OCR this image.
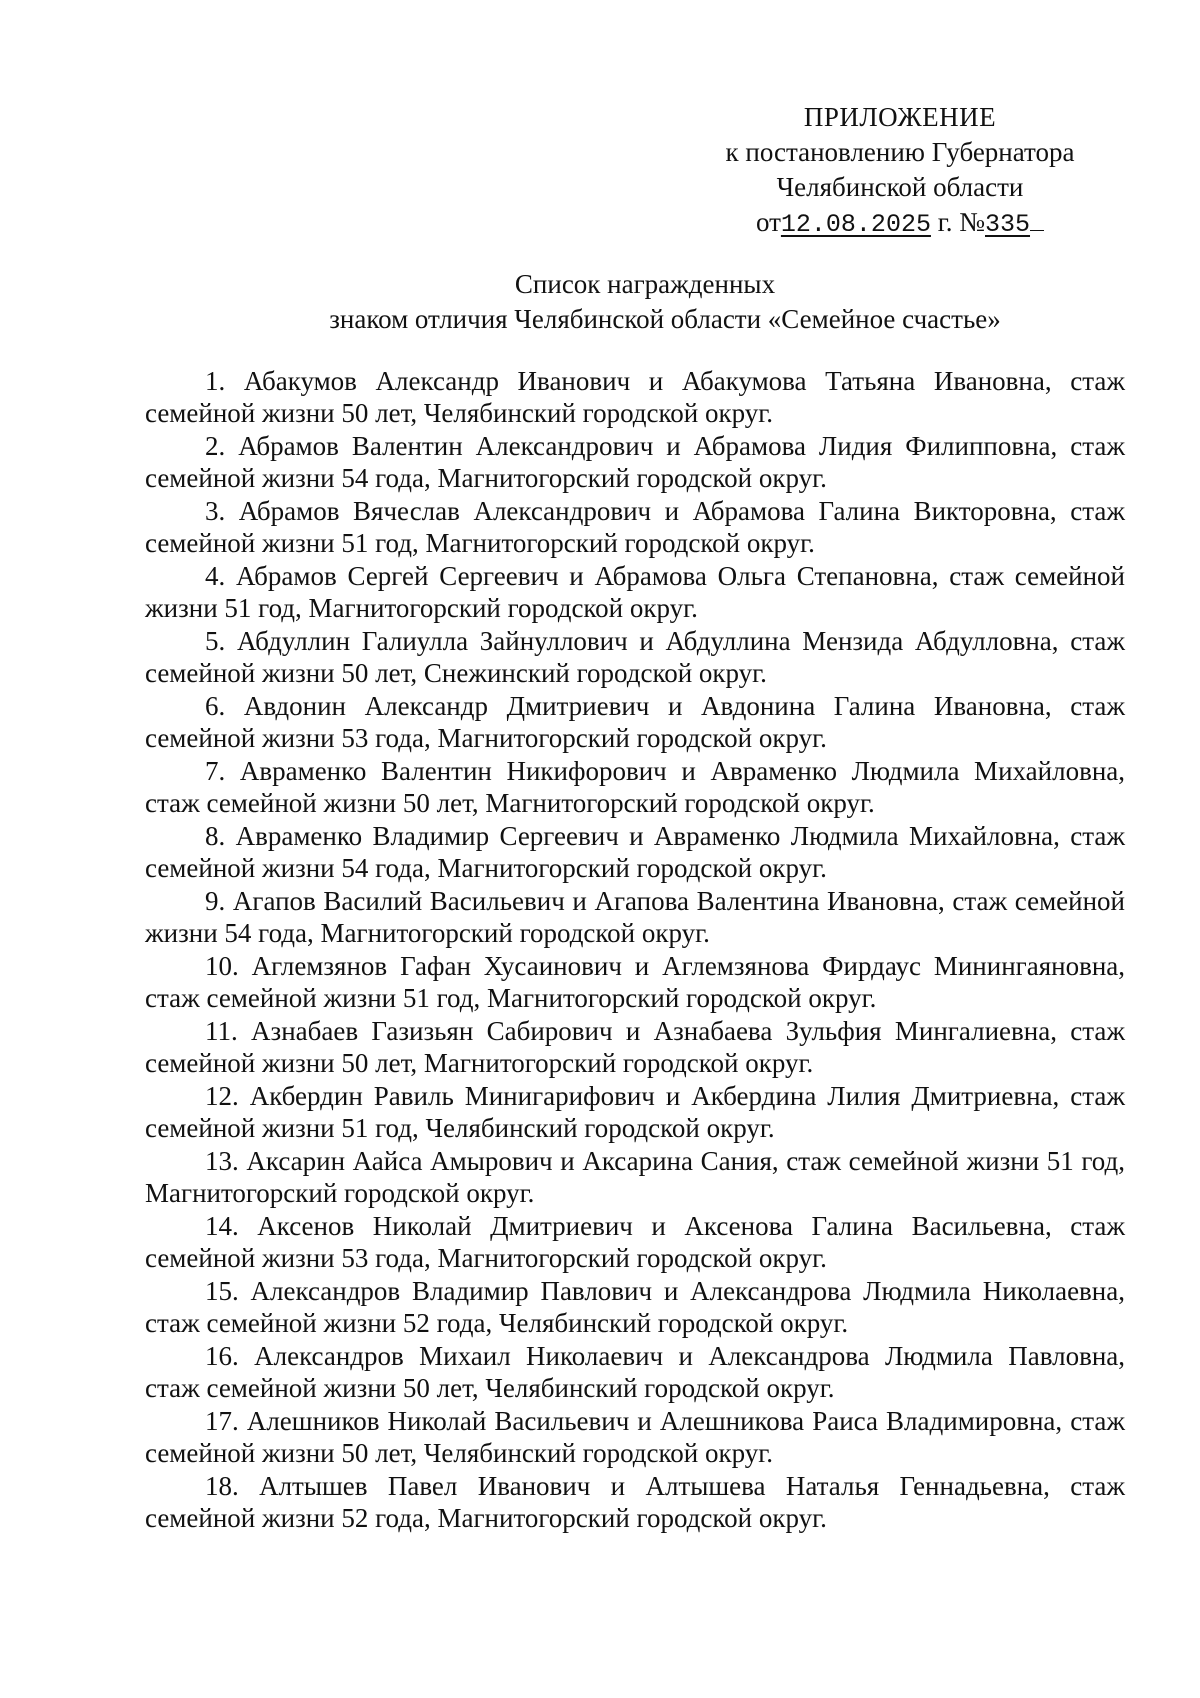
ПРИЛОЖЕНИЕ
к постановлению Губернатора
Челябинской области
от12.08.2025 г. №335
Список награжденных
знаком отличия Челябинской области «Семейное счастье»

1. Абакумов Александр Иванович и Абакумова Татьяна Ивановна, стаж семейной жизни 50 лет, Челябинский городской округ.

2. Абрамов Валентин Александрович и Абрамова Лидия Филипповна, стаж семейной жизни 54 года, Магнитогорский городской округ.

3. Абрамов Вячеслав Александрович и Абрамова Галина Викторовна, стаж семейной жизни 51 год, Магнитогорский городской округ.

4. Абрамов Сергей Сергеевич и Абрамова Ольга Степановна, стаж семейной жизни 51 год, Магнитогорский городской округ.

5. Абдуллин Галиулла Зайнуллович и Абдуллина Мензида Абдулловна, стаж семейной жизни 50 лет, Снежинский городской округ.

6. Авдонин Александр Дмитриевич и Авдонина Галина Ивановна, стаж семейной жизни 53 года, Магнитогорский городской округ.

7. Авраменко Валентин Никифорович и Авраменко Людмила Михайловна, стаж семейной жизни 50 лет, Магнитогорский городской округ.

8. Авраменко Владимир Сергеевич и Авраменко Людмила Михайловна, стаж семейной жизни 54 года, Магнитогорский городской округ.

9. Агапов Василий Васильевич и Агапова Валентина Ивановна, стаж семейной жизни 54 года, Магнитогорский городской округ.

10. Аглемзянов Гафан Хусаинович и Аглемзянова Фирдаус Минингаяновна, стаж семейной жизни 51 год, Магнитогорский городской округ.

11. Азнабаев Газизьян Сабирович и Азнабаева Зульфия Мингалиевна, стаж семейной жизни 50 лет, Магнитогорский городской округ.

12. Акбердин Равиль Минигарифович и Акбердина Лилия Дмитриевна, стаж семейной жизни 51 год, Челябинский городской округ.

13. Аксарин Аайса Амырович и Аксарина Сания, стаж семейной жизни 51 год, Магнитогорский городской округ.

14. Аксенов Николай Дмитриевич и Аксенова Галина Васильевна, стаж семейной жизни 53 года, Магнитогорский городской округ.

15. Александров Владимир Павлович и Александрова Людмила Николаевна, стаж семейной жизни 52 года, Челябинский городской округ.

16. Александров Михаил Николаевич и Александрова Людмила Павловна, стаж семейной жизни 50 лет, Челябинский городской округ.

17. Алешников Николай Васильевич и Алешникова Раиса Владимировна, стаж семейной жизни 50 лет, Челябинский городской округ.

18. Алтышев Павел Иванович и Алтышева Наталья Геннадьевна, стаж семейной жизни 52 года, Магнитогорский городской округ.
